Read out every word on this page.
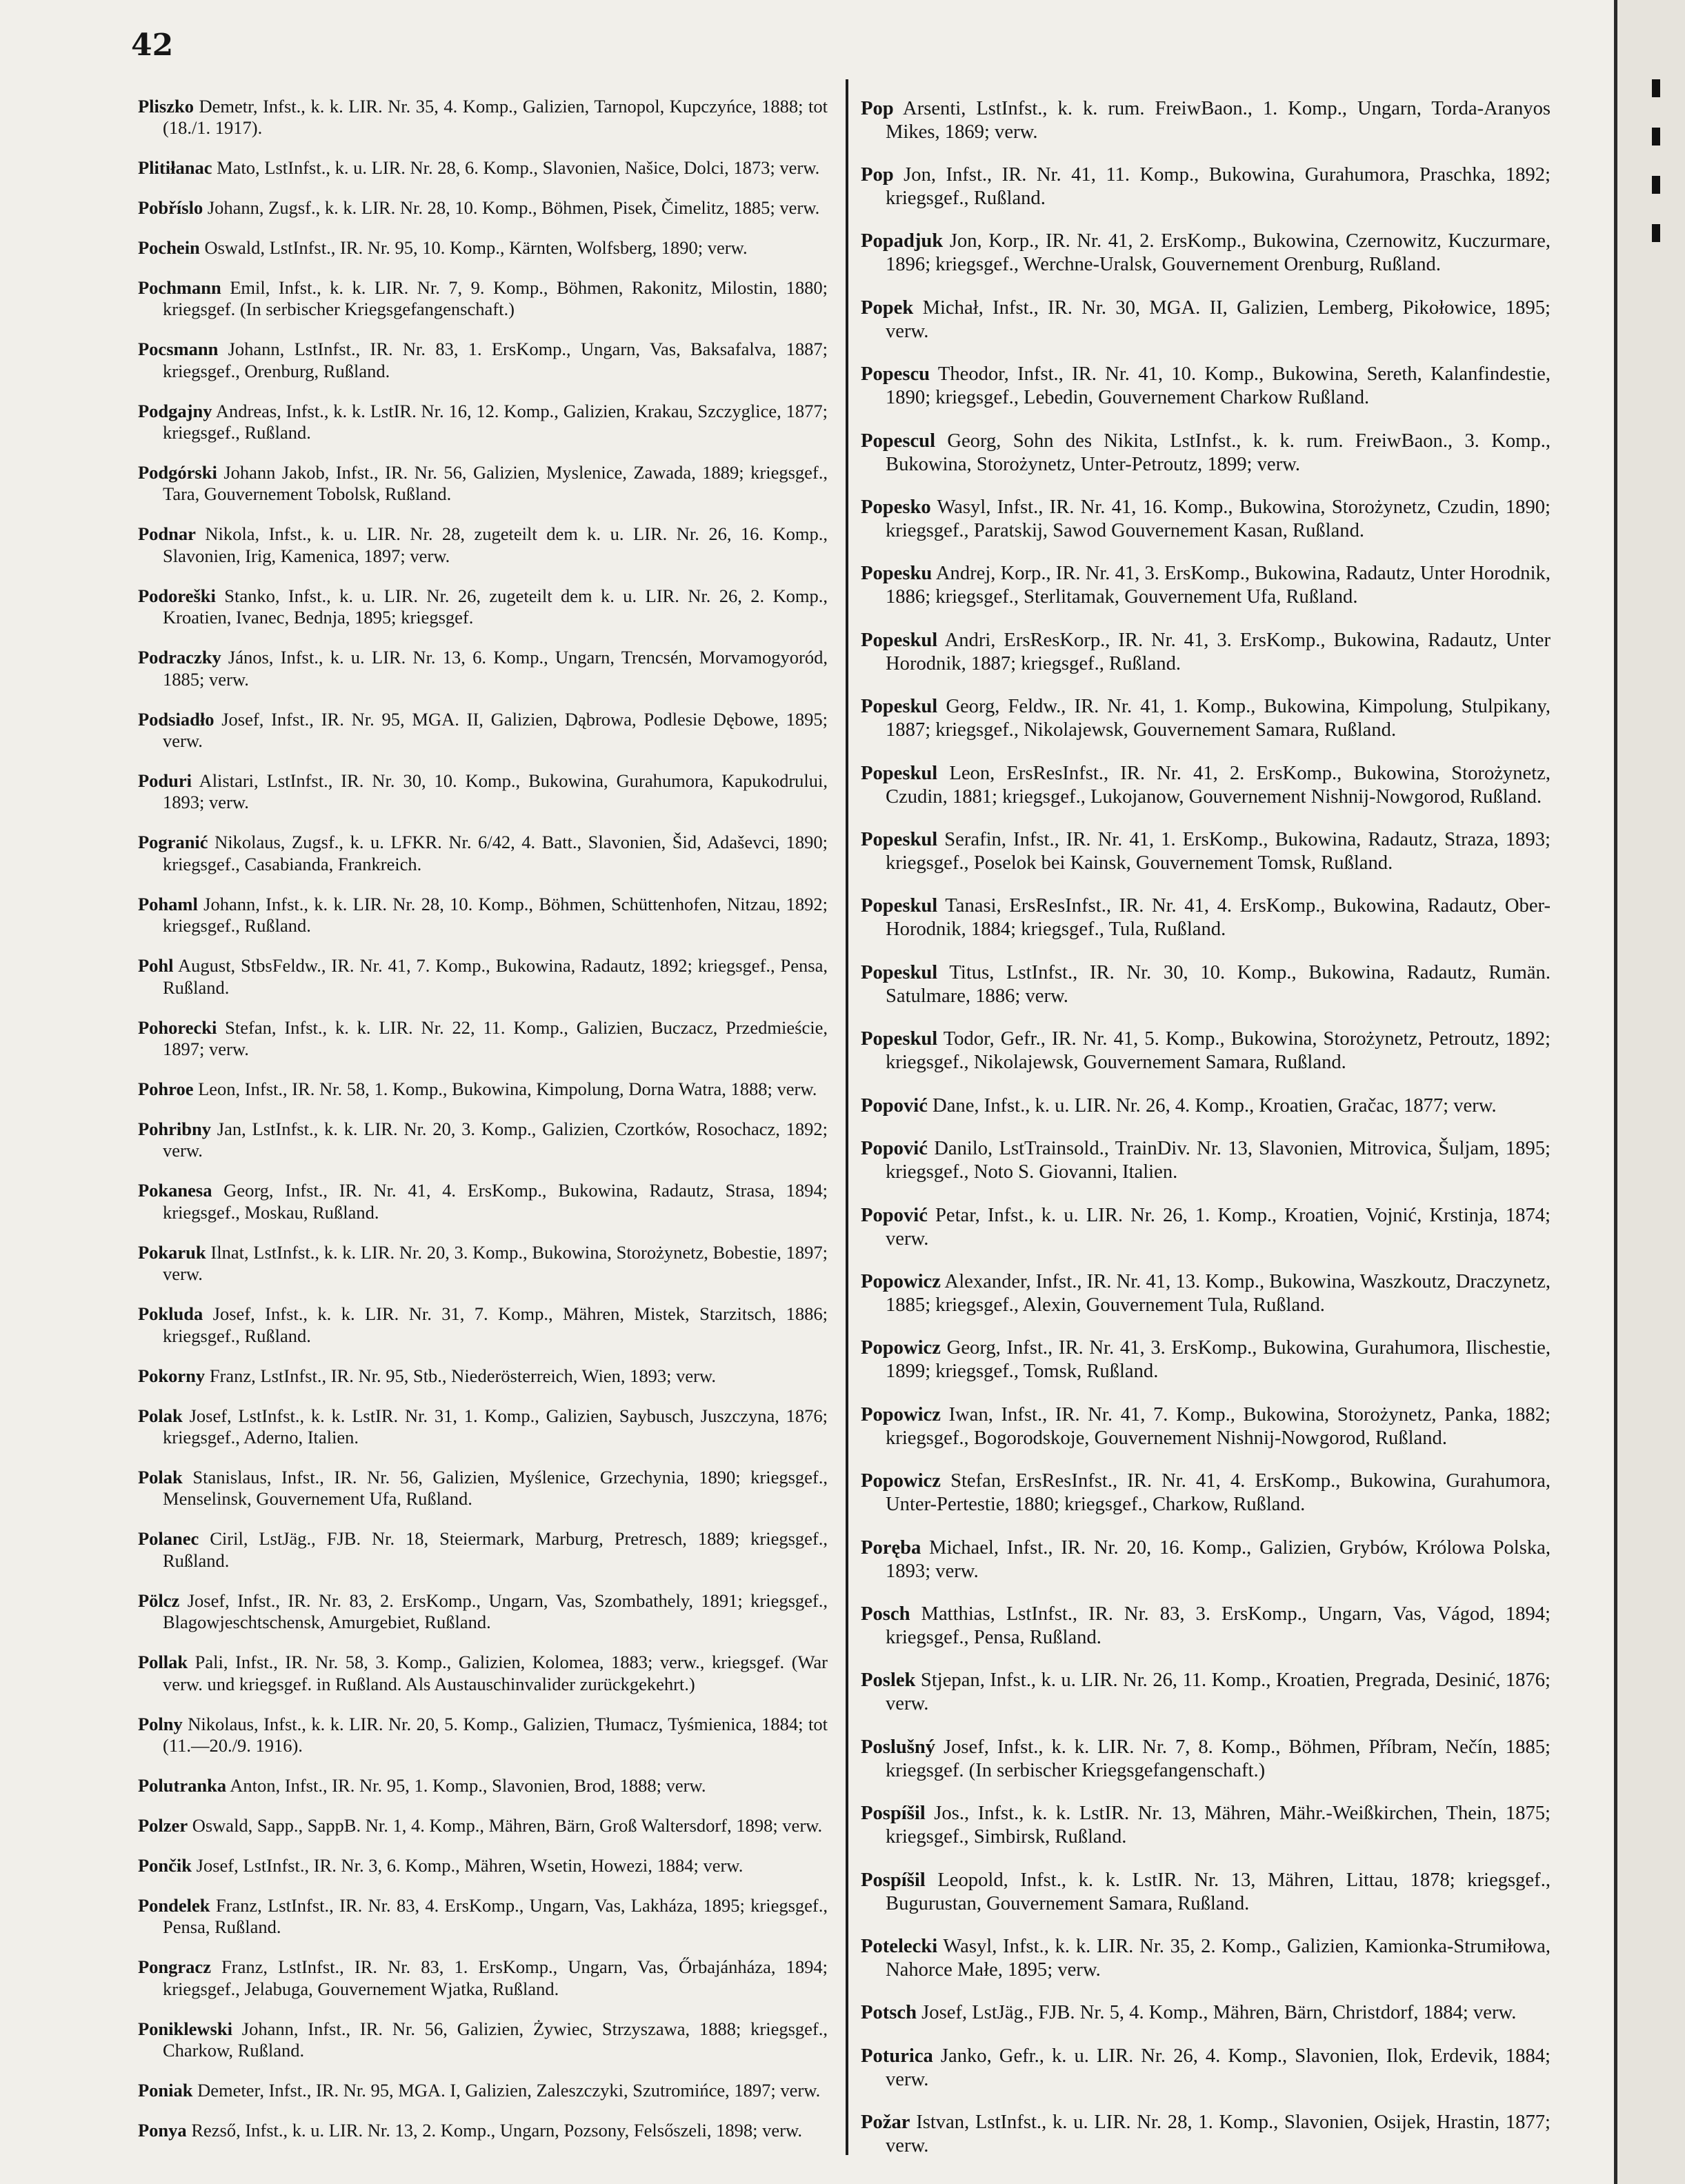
42

Pliszko Demetr, Infst., k. k. LIR. Nr. 35, 4. Komp., Galizien, Tarnopol, Kupczyńce, 1888; tot (18./1. 1917).

Plitiłanac Mato, LstInfst., k. u. LIR. Nr. 28, 6. Komp., Slavonien, Našice, Dolci, 1873; verw.

Pobříslo Johann, Zugsf., k. k. LIR. Nr. 28, 10. Komp., Böhmen, Pisek, Čimelitz, 1885; verw.

Pochein Oswald, LstInfst., IR. Nr. 95, 10. Komp., Kärnten, Wolfsberg, 1890; verw.

Pochmann Emil, Infst., k. k. LIR. Nr. 7, 9. Komp., Böhmen, Rakonitz, Milostin, 1880; kriegsgef. (In serbischer Kriegsgefangenschaft.)

Pocsmann Johann, LstInfst., IR. Nr. 83, 1. ErsKomp., Ungarn, Vas, Baksafalva, 1887; kriegsgef., Orenburg, Rußland.

Podgajny Andreas, Infst., k. k. LstIR. Nr. 16, 12. Komp., Galizien, Krakau, Szczyglice, 1877; kriegsgef., Rußland.

Podgórski Johann Jakob, Infst., IR. Nr. 56, Galizien, Myslenice, Zawada, 1889; kriegsgef., Tara, Gouvernement Tobolsk, Rußland.

Podnar Nikola, Infst., k. u. LIR. Nr. 28, zugeteilt dem k. u. LIR. Nr. 26, 16. Komp., Slavonien, Irig, Kamenica, 1897; verw.

Podoreški Stanko, Infst., k. u. LIR. Nr. 26, zugeteilt dem k. u. LIR. Nr. 26, 2. Komp., Kroatien, Ivanec, Bednja, 1895; kriegsgef.

Podraczky János, Infst., k. u. LIR. Nr. 13, 6. Komp., Ungarn, Trencsén, Morvamogyoród, 1885; verw.

Podsiadło Josef, Infst., IR. Nr. 95, MGA. II, Galizien, Dąbrowa, Podlesie Dębowe, 1895; verw.

Poduri Alistari, LstInfst., IR. Nr. 30, 10. Komp., Bukowina, Gurahumora, Kapukodrului, 1893; verw.

Pogranić Nikolaus, Zugsf., k. u. LFKR. Nr. 6/42, 4. Batt., Slavonien, Šid, Adaševci, 1890; kriegsgef., Casabianda, Frankreich.

Pohaml Johann, Infst., k. k. LIR. Nr. 28, 10. Komp., Böhmen, Schüttenhofen, Nitzau, 1892; kriegsgef., Rußland.

Pohl August, StbsFeldw., IR. Nr. 41, 7. Komp., Bukowina, Radautz, 1892; kriegsgef., Pensa, Rußland.

Pohorecki Stefan, Infst., k. k. LIR. Nr. 22, 11. Komp., Galizien, Buczacz, Przedmieście, 1897; verw.

Pohroe Leon, Infst., IR. Nr. 58, 1. Komp., Bukowina, Kimpolung, Dorna Watra, 1888; verw.

Pohribny Jan, LstInfst., k. k. LIR. Nr. 20, 3. Komp., Galizien, Czortków, Rosochacz, 1892; verw.

Pokanesa Georg, Infst., IR. Nr. 41, 4. ErsKomp., Bukowina, Radautz, Strasa, 1894; kriegsgef., Moskau, Rußland.

Pokaruk Ilnat, LstInfst., k. k. LIR. Nr. 20, 3. Komp., Bukowina, Storożynetz, Bobestie, 1897; verw.

Pokluda Josef, Infst., k. k. LIR. Nr. 31, 7. Komp., Mähren, Mistek, Starzitsch, 1886; kriegsgef., Rußland.

Pokorny Franz, LstInfst., IR. Nr. 95, Stb., Niederösterreich, Wien, 1893; verw.

Polak Josef, LstInfst., k. k. LstIR. Nr. 31, 1. Komp., Galizien, Saybusch, Juszczyna, 1876; kriegsgef., Aderno, Italien.

Polak Stanislaus, Infst., IR. Nr. 56, Galizien, Myślenice, Grzechynia, 1890; kriegsgef., Menselinsk, Gouvernement Ufa, Rußland.

Polanec Ciril, LstJäg., FJB. Nr. 18, Steiermark, Marburg, Pretresch, 1889; kriegsgef., Rußland.

Pölcz Josef, Infst., IR. Nr. 83, 2. ErsKomp., Ungarn, Vas, Szombathely, 1891; kriegsgef., Blagowjeschtschensk, Amurgebiet, Rußland.

Pollak Pali, Infst., IR. Nr. 58, 3. Komp., Galizien, Kolomea, 1883; verw., kriegsgef. (War verw. und kriegsgef. in Rußland. Als Austauschinvalider zurückgekehrt.)

Polny Nikolaus, Infst., k. k. LIR. Nr. 20, 5. Komp., Galizien, Tłumacz, Tyśmienica, 1884; tot (11.—20./9. 1916).

Polutranka Anton, Infst., IR. Nr. 95, 1. Komp., Slavonien, Brod, 1888; verw.

Polzer Oswald, Sapp., SappB. Nr. 1, 4. Komp., Mähren, Bärn, Groß Waltersdorf, 1898; verw.

Pončik Josef, LstInfst., IR. Nr. 3, 6. Komp., Mähren, Wsetin, Howezi, 1884; verw.

Pondelek Franz, LstInfst., IR. Nr. 83, 4. ErsKomp., Ungarn, Vas, Lakháza, 1895; kriegsgef., Pensa, Rußland.

Pongracz Franz, LstInfst., IR. Nr. 83, 1. ErsKomp., Ungarn, Vas, Őrbajánháza, 1894; kriegsgef., Jelabuga, Gouvernement Wjatka, Rußland.

Poniklewski Johann, Infst., IR. Nr. 56, Galizien, Żywiec, Strzyszawa, 1888; kriegsgef., Charkow, Rußland.

Poniak Demeter, Infst., IR. Nr. 95, MGA. I, Galizien, Zaleszczyki, Szutromińce, 1897; verw.

Ponya Rezső, Infst., k. u. LIR. Nr. 13, 2. Komp., Ungarn, Pozsony, Felsőszeli, 1898; verw.

Pop Arsenti, LstInfst., k. k. rum. FreiwBaon., 1. Komp., Ungarn, Torda-Aranyos Mikes, 1869; verw.

Pop Jon, Infst., IR. Nr. 41, 11. Komp., Bukowina, Gurahumora, Praschka, 1892; kriegsgef., Rußland.

Popadjuk Jon, Korp., IR. Nr. 41, 2. ErsKomp., Bukowina, Czernowitz, Kuczurmare, 1896; kriegsgef., Werchne-Uralsk, Gouvernement Orenburg, Rußland.

Popek Michał, Infst., IR. Nr. 30, MGA. II, Galizien, Lemberg, Pikołowice, 1895; verw.

Popescu Theodor, Infst., IR. Nr. 41, 10. Komp., Bukowina, Sereth, Kalanfindestie, 1890; kriegsgef., Lebedin, Gouvernement Charkow Rußland.

Popescul Georg, Sohn des Nikita, LstInfst., k. k. rum. FreiwBaon., 3. Komp., Bukowina, Storożynetz, Unter-Petroutz, 1899; verw.

Popesko Wasyl, Infst., IR. Nr. 41, 16. Komp., Bukowina, Storożynetz, Czudin, 1890; kriegsgef., Paratskij, Sawod Gouvernement Kasan, Rußland.

Popesku Andrej, Korp., IR. Nr. 41, 3. ErsKomp., Bukowina, Radautz, Unter Horodnik, 1886; kriegsgef., Sterlitamak, Gouvernement Ufa, Rußland.

Popeskul Andri, ErsResKorp., IR. Nr. 41, 3. ErsKomp., Bukowina, Radautz, Unter Horodnik, 1887; kriegsgef., Rußland.

Popeskul Georg, Feldw., IR. Nr. 41, 1. Komp., Bukowina, Kimpolung, Stulpikany, 1887; kriegsgef., Nikolajewsk, Gouvernement Samara, Rußland.

Popeskul Leon, ErsResInfst., IR. Nr. 41, 2. ErsKomp., Bukowina, Storożynetz, Czudin, 1881; kriegsgef., Lukojanow, Gouvernement Nishnij-Nowgorod, Rußland.

Popeskul Serafin, Infst., IR. Nr. 41, 1. ErsKomp., Bukowina, Radautz, Straza, 1893; kriegsgef., Poselok bei Kainsk, Gouvernement Tomsk, Rußland.

Popeskul Tanasi, ErsResInfst., IR. Nr. 41, 4. ErsKomp., Bukowina, Radautz, Ober-Horodnik, 1884; kriegsgef., Tula, Rußland.

Popeskul Titus, LstInfst., IR. Nr. 30, 10. Komp., Bukowina, Radautz, Rumän. Satulmare, 1886; verw.

Popeskul Todor, Gefr., IR. Nr. 41, 5. Komp., Bukowina, Storożynetz, Petroutz, 1892; kriegsgef., Nikolajewsk, Gouvernement Samara, Rußland.

Popović Dane, Infst., k. u. LIR. Nr. 26, 4. Komp., Kroatien, Gračac, 1877; verw.

Popović Danilo, LstTrainsold., TrainDiv. Nr. 13, Slavonien, Mitrovica, Šuljam, 1895; kriegsgef., Noto S. Giovanni, Italien.

Popović Petar, Infst., k. u. LIR. Nr. 26, 1. Komp., Kroatien, Vojnić, Krstinja, 1874; verw.

Popowicz Alexander, Infst., IR. Nr. 41, 13. Komp., Bukowina, Waszkoutz, Draczynetz, 1885; kriegsgef., Alexin, Gouvernement Tula, Rußland.

Popowicz Georg, Infst., IR. Nr. 41, 3. ErsKomp., Bukowina, Gurahumora, Ilischestie, 1899; kriegsgef., Tomsk, Rußland.

Popowicz Iwan, Infst., IR. Nr. 41, 7. Komp., Bukowina, Storożynetz, Panka, 1882; kriegsgef., Bogorodskoje, Gouvernement Nishnij-Nowgorod, Rußland.

Popowicz Stefan, ErsResInfst., IR. Nr. 41, 4. ErsKomp., Bukowina, Gurahumora, Unter-Pertestie, 1880; kriegsgef., Charkow, Rußland.

Poręba Michael, Infst., IR. Nr. 20, 16. Komp., Galizien, Grybów, Królowa Polska, 1893; verw.

Posch Matthias, LstInfst., IR. Nr. 83, 3. ErsKomp., Ungarn, Vas, Vágod, 1894; kriegsgef., Pensa, Rußland.

Poslek Stjepan, Infst., k. u. LIR. Nr. 26, 11. Komp., Kroatien, Pregrada, Desinić, 1876; verw.

Poslušný Josef, Infst., k. k. LIR. Nr. 7, 8. Komp., Böhmen, Příbram, Nečín, 1885; kriegsgef. (In serbischer Kriegsgefangenschaft.)

Pospíšil Jos., Infst., k. k. LstIR. Nr. 13, Mähren, Mähr.-Weißkirchen, Thein, 1875; kriegsgef., Simbirsk, Rußland.

Pospíšil Leopold, Infst., k. k. LstIR. Nr. 13, Mähren, Littau, 1878; kriegsgef., Bugurustan, Gouvernement Samara, Rußland.

Potelecki Wasyl, Infst., k. k. LIR. Nr. 35, 2. Komp., Galizien, Kamionka-Strumiłowa, Nahorce Małe, 1895; verw.

Potsch Josef, LstJäg., FJB. Nr. 5, 4. Komp., Mähren, Bärn, Christdorf, 1884; verw.

Poturica Janko, Gefr., k. u. LIR. Nr. 26, 4. Komp., Slavonien, Ilok, Erdevik, 1884; verw.

Požar Istvan, LstInfst., k. u. LIR. Nr. 28, 1. Komp., Slavonien, Osijek, Hrastin, 1877; verw.
